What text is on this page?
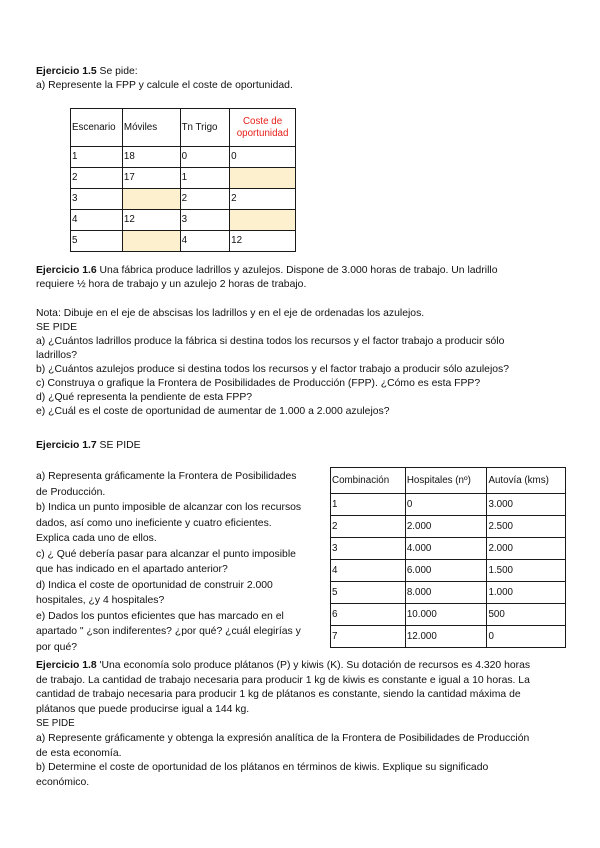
Ejercicio 1.5 Se pide:

a) Represente la FPP y calcule el coste de oportunidad.

Escenario	Móviles	Tn Trigo	Coste de
oportunidad
1	18	0	0
2	17	1	
3		2	2
4	12	3	
5		4	12

Ejercicio 1.6 Una fábrica produce ladrillos y azulejos. Dispone de 3.000 horas de trabajo. Un ladrillo

requiere ½ hora de trabajo y un azulejo 2 horas de trabajo.

Nota: Dibuje en el eje de abscisas los ladrillos y en el eje de ordenadas los azulejos.

SE PIDE

a) ¿Cuántos ladrillos produce la fábrica si destina todos los recursos y el factor trabajo a producir sólo

ladrillos?

b) ¿Cuántos azulejos produce si destina todos los recursos y el factor trabajo a producir sólo azulejos?

c) Construya o grafique la Frontera de Posibilidades de Producción (FPP). ¿Cómo es esta FPP?

d) ¿Qué representa la pendiente de esta FPP?

e) ¿Cuál es el coste de oportunidad de aumentar de 1.000 a 2.000 azulejos?

Ejercicio 1.7 SE PIDE

a) Representa gráficamente la Frontera de Posibilidades

de Producción.

b) Indica un punto imposible de alcanzar con los recursos

dados, así como uno ineficiente y cuatro eficientes.

Explica cada uno de ellos.

c) ¿ Qué debería pasar para alcanzar el punto imposible

que has indicado en el apartado anterior?

d) Indica el coste de oportunidad de construir 2.000

hospitales, ¿y 4 hospitales?

e) Dados los puntos eficientes que has marcado en el

apartado " ¿son indiferentes? ¿por qué? ¿cuál elegirías y

por qué?

Combinación	Hospitales (nº)	Autovía (kms)
1	0	3.000
2	2.000	2.500
3	4.000	2.000
4	6.000	1.500
5	8.000	1.000
6	10.000	500
7	12.000	0

Ejercicio 1.8 'Una economía solo produce plátanos (P) y kiwis (K). Su dotación de recursos es 4.320 horas

de trabajo. La cantidad de trabajo necesaria para producir 1 kg de kiwis es constante e igual a 10 horas. La

cantidad de trabajo necesaria para producir 1 kg de plátanos es constante, siendo la cantidad máxima de

plátanos que puede producirse igual a 144 kg.

SE PIDE

a) Represente gráficamente y obtenga la expresión analítica de la Frontera de Posibilidades de Producción

de esta economía.

b) Determine el coste de oportunidad de los plátanos en términos de kiwis. Explique su significado

económico.
